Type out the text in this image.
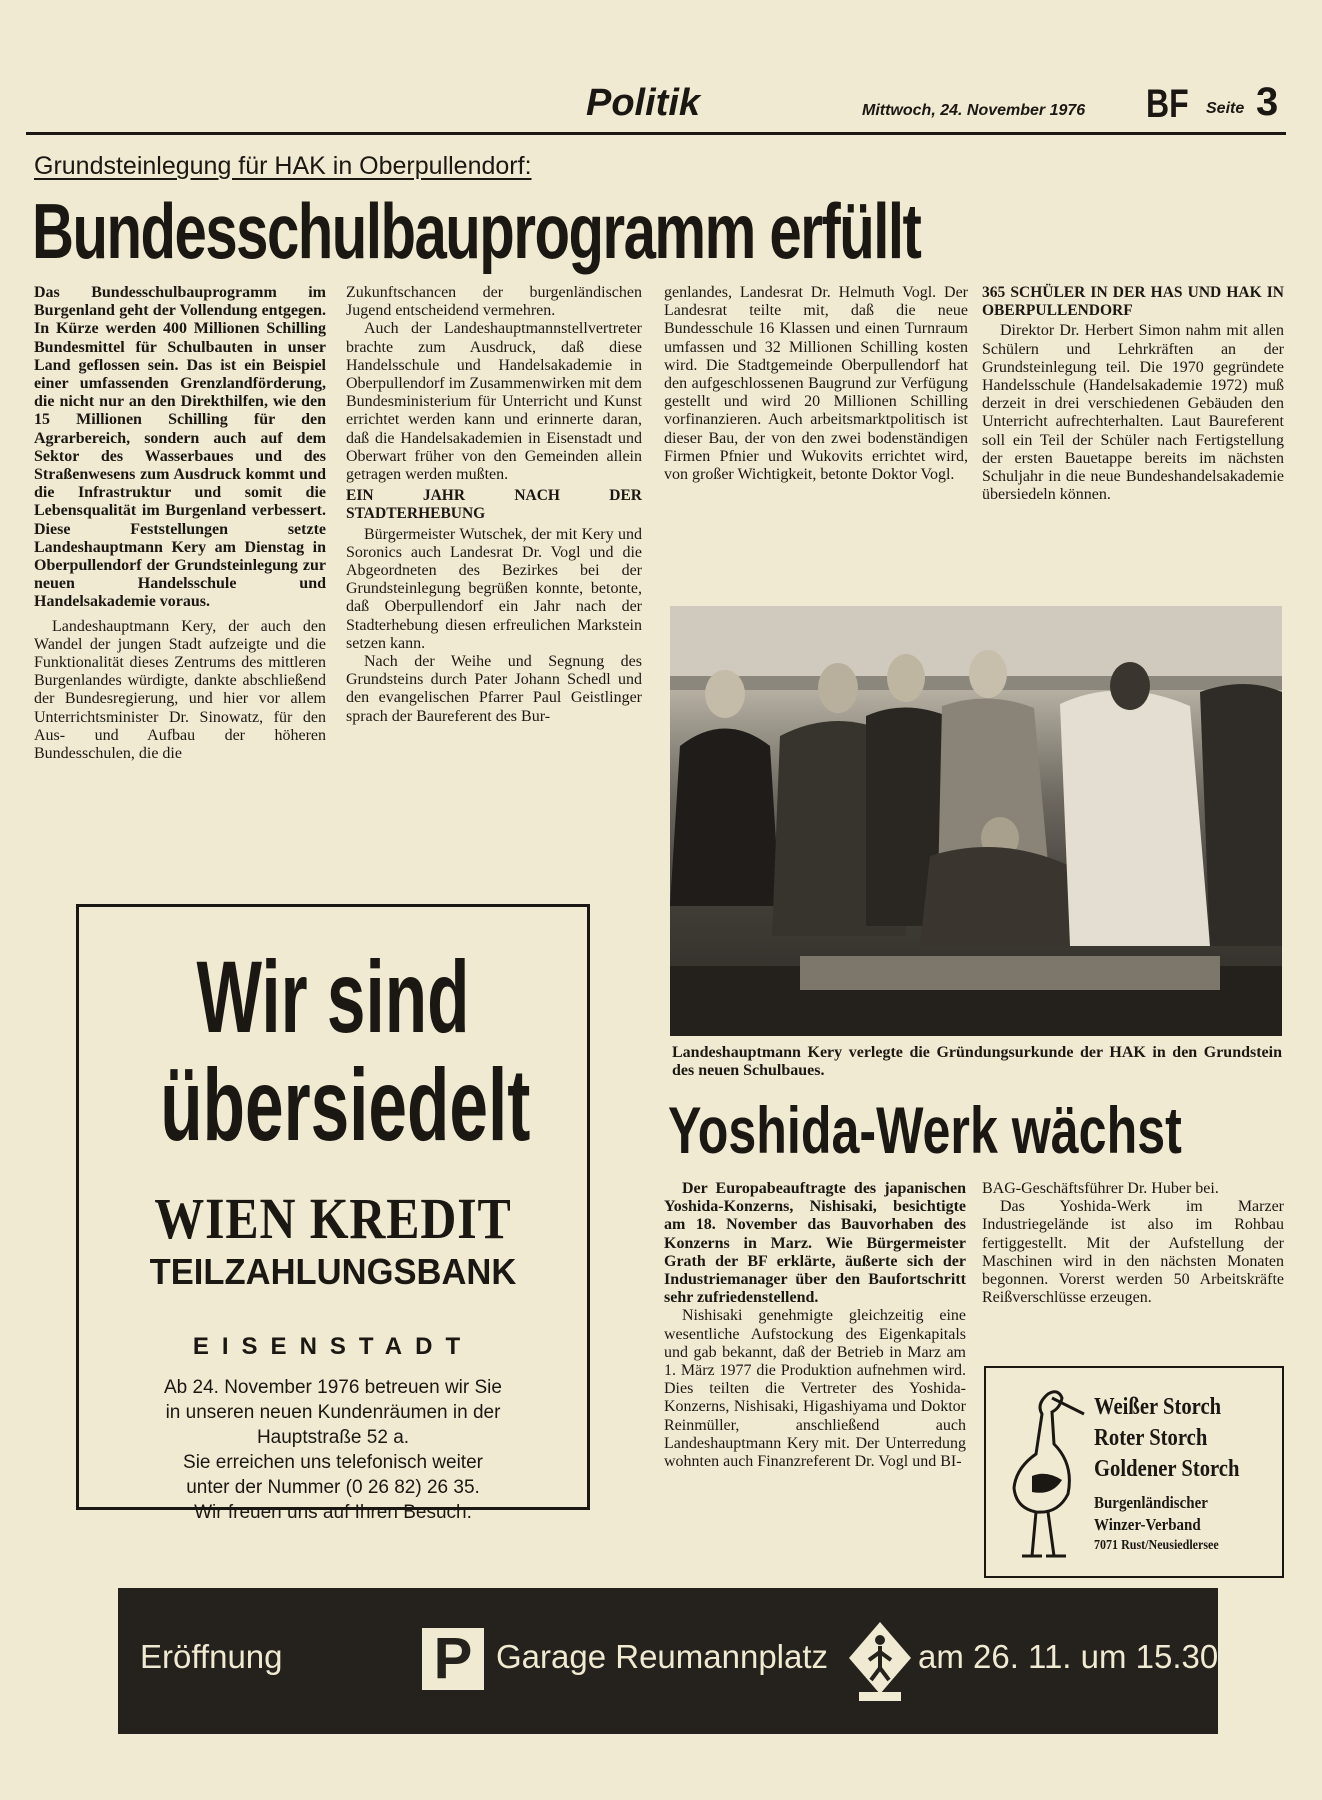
Politik	Mittwoch, 24. November 1976 BF Seite 3
Grundsteinlegung für HAK in Oberpullendorf:
Bundesschulbauprogramm erfüllt

Das Bundesschulbauprogramm im Burgenland geht der Vollendung entgegen. In Kürze werden 400 Millionen Schilling Bundesmittel für Schulbauten in unser Land geflossen sein. Das ist ein Beispiel einer umfassenden Grenzlandförderung, die nicht nur an den Direkthilfen, wie den 15 Millionen Schilling für den Agrarbereich, sondern auch auf dem Sektor des Wasserbaues und des Straßenwesens zum Ausdruck kommt und die Infrastruktur und somit die Lebensqualität im Burgenland verbessert. Diese Feststellungen setzte Landeshauptmann Kery am Dienstag in Oberpullendorf der Grundsteinlegung zur neuen Handelsschule und Handelsakademie voraus.

Landeshauptmann Kery, der auch den Wandel der jungen Stadt aufzeigte und die Funktionalität dieses Zentrums des mittleren Burgenlandes würdigte, dankte abschließend der Bundesregierung, und hier vor allem Unterrichtsminister Dr. Sinowatz, für den Aus- und Aufbau der höheren Bundesschulen, die die

Zukunftschancen der burgenländischen Jugend entscheidend vermehren.

Auch der Landeshauptmannstellvertreter brachte zum Ausdruck, daß diese Handelsschule und Handelsakademie in Oberpullendorf im Zusammenwirken mit dem Bundesministerium für Unterricht und Kunst errichtet werden kann und erinnerte daran, daß die Handelsakademien in Eisenstadt und Oberwart früher von den Gemeinden allein getragen werden mußten.

EIN JAHR NACH DER STADTERHEBUNG

Bürgermeister Wutschek, der mit Kery und Soronics auch Landesrat Dr. Vogl und die Abgeordneten des Bezirkes bei der Grundsteinlegung begrüßen konnte, betonte, daß Oberpullendorf ein Jahr nach der Stadterhebung diesen erfreulichen Markstein setzen kann.

Nach der Weihe und Segnung des Grundsteins durch Pater Johann Schedl und den evangelischen Pfarrer Paul Geistlinger sprach der Baureferent des Bur-

genlandes, Landesrat Dr. Helmuth Vogl. Der Landesrat teilte mit, daß die neue Bundesschule 16 Klassen und einen Turnraum umfassen und 32 Millionen Schilling kosten wird. Die Stadtgemeinde Oberpullendorf hat den aufgeschlossenen Baugrund zur Verfügung gestellt und wird 20 Millionen Schilling vorfinanzieren. Auch arbeitsmarktpolitisch ist dieser Bau, der von den zwei bodenständigen Firmen Pfnier und Wukovits errichtet wird, von großer Wichtigkeit, betonte Doktor Vogl.

365 SCHÜLER IN DER HAS UND HAK IN OBERPULLENDORF

Direktor Dr. Herbert Simon nahm mit allen Schülern und Lehrkräften an der Grundsteinlegung teil. Die 1970 gegründete Handelsschule (Handelsakademie 1972) muß derzeit in drei verschiedenen Gebäuden den Unterricht aufrechterhalten. Laut Baureferent soll ein Teil der Schüler nach Fertigstellung der ersten Bauetappe bereits im nächsten Schuljahr in die neue Bundeshandelsakademie übersiedeln können.

Landeshauptmann Kery verlegte die Gründungsurkunde der HAK in den Grundstein des neuen Schulbaues.
Yoshida-Werk wächst

Der Europabeauftragte des japanischen Yoshida-Konzerns, Nishisaki, besichtigte am 18. November das Bauvorhaben des Konzerns in Marz. Wie Bürgermeister Grath der BF erklärte, äußerte sich der Industriemanager über den Baufortschritt sehr zufriedenstellend.

Nishisaki genehmigte gleichzeitig eine wesentliche Aufstockung des Eigenkapitals und gab bekannt, daß der Betrieb in Marz am 1. März 1977 die Produktion aufnehmen wird. Dies teilten die Vertreter des Yoshida-Konzerns, Nishisaki, Higashiyama und Doktor Reinmüller, anschließend auch Landeshauptmann Kery mit. Der Unterredung wohnten auch Finanzreferent Dr. Vogl und BI-

BAG-Geschäftsführer Dr. Huber bei.

Das Yoshida-Werk im Marzer Industriegelände ist also im Rohbau fertiggestellt. Mit der Aufstellung der Maschinen wird in den nächsten Monaten begonnen. Vorerst werden 50 Arbeitskräfte Reißverschlüsse erzeugen.

Wir sind
übersiedelt
WIEN KREDIT
TEILZAHLUNGSBANK
EISENSTADT
Ab 24. November 1976 betreuen wir Sie
in unseren neuen Kundenräumen in der
Hauptstraße 52 a.
Sie erreichen uns telefonisch weiter
unter der Nummer (0 26 82) 26 35.
Wir freuen uns auf Ihren Besuch.
Weißer Storch
Roter Storch
Goldener Storch
Burgenländischer
Winzer-Verband
7071 Rust/Neusiedlersee
Eröffnung	P Garage Reumannplatz	am 26. 11. um 15.30 Uhr
